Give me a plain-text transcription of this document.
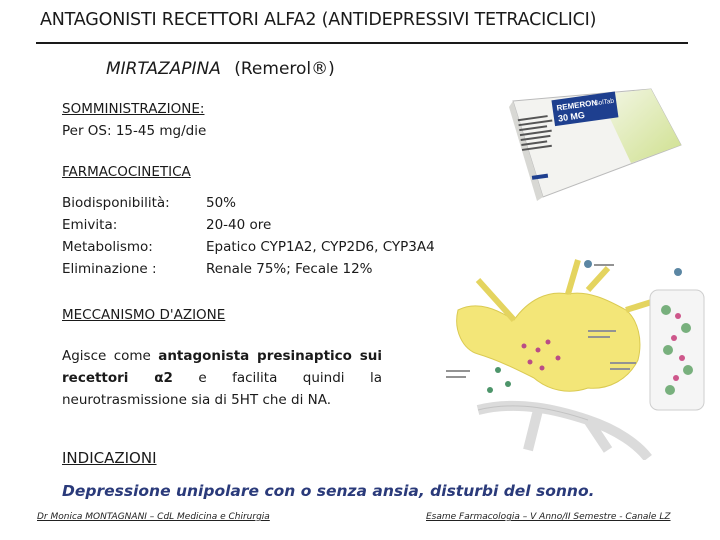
ANTAGONISTI RECETTORI ALFA2 (ANTIDEPRESSIVI TETRACICLICI)
MIRTAZAPINA (Remerol®)
SOMMINISTRAZIONE:
Per OS: 15-45 mg/die
FARMACOCINETICA
Biodisponibilità:
Emivita:
Metabolismo:
Eliminazione :
50%
20-40 ore
Epatico CYP1A2, CYP2D6, CYP3A4
Renale 75%; Fecale 12%
MECCANISMO D'AZIONE
Agisce come antagonista presinaptico sui recettori α2 e facilita quindi la neurotrasmissione sia di 5HT che di NA.
INDICAZIONI
Depressione unipolare con o senza ansia, disturbi del sonno.
REMERON
SolTab
30 MG
Dr Monica MONTAGNANI – CdL Medicina e Chirurgia	Esame Farmacologia – V Anno/II Semestre - Canale LZ
